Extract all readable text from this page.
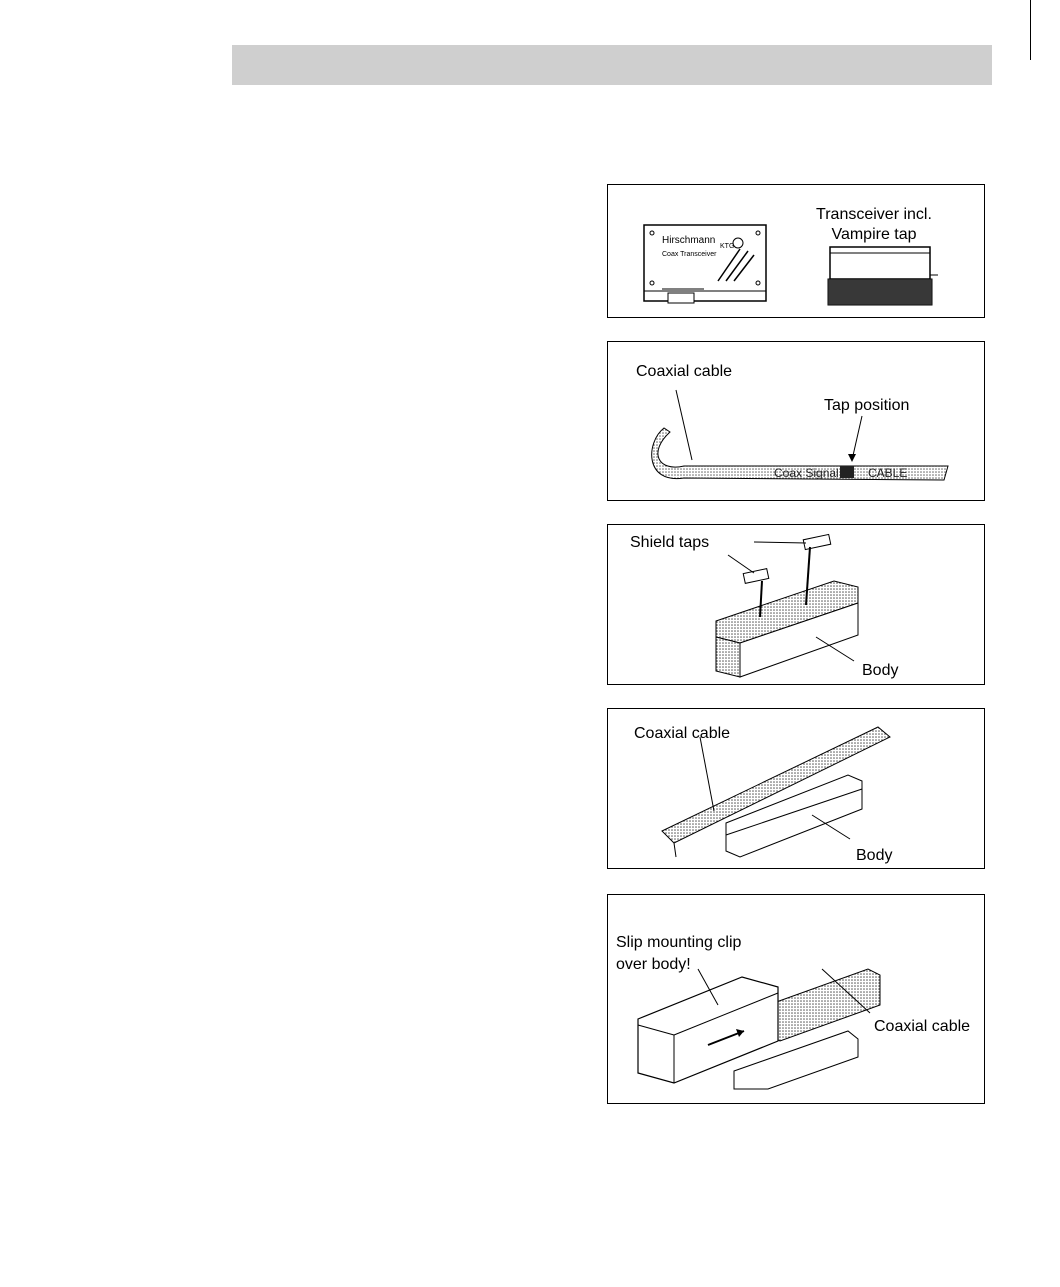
Hirschmann
Coax Transceiver
KTG
Transceiver incl.
Vampire tap
Coaxial cable
Tap position
Coax Signal CABLE
Shield taps
Body
Coaxial cable
Body
Slip mounting clip
over body!
Coaxial cable
